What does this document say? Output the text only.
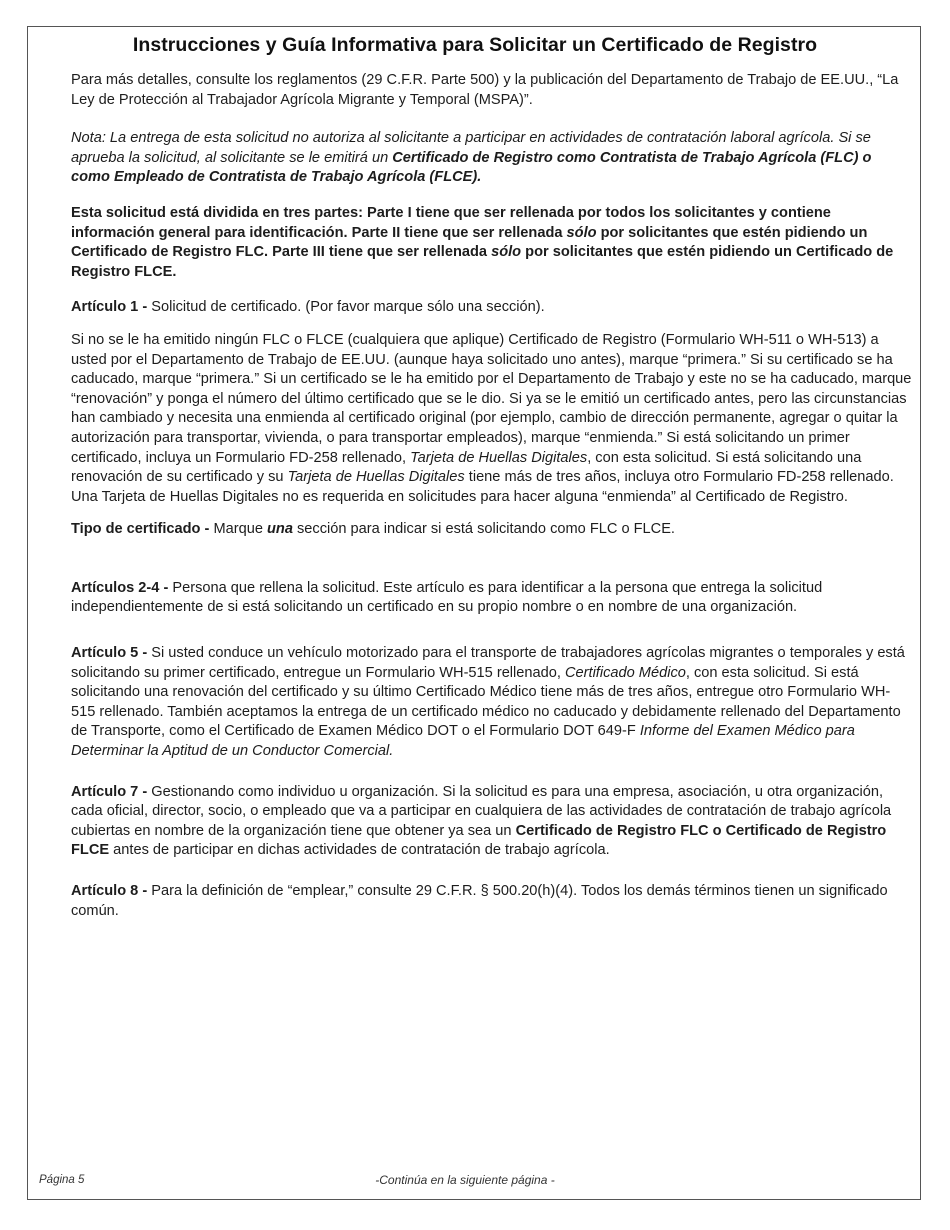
Instrucciones y Guía Informativa para Solicitar un Certificado de Registro

Para más detalles, consulte los reglamentos (29 C.F.R. Parte 500) y la publicación del Departamento de Trabajo de EE.UU., “La Ley de Protección al Trabajador Agrícola Migrante y Temporal (MSPA)”.

Nota: La entrega de esta solicitud no autoriza al solicitante a participar en actividades de contratación laboral agrícola. Si se aprueba la solicitud, al solicitante se le emitirá un Certificado de Registro como Contratista de Trabajo Agrícola (FLC) o como Empleado de Contratista de Trabajo Agrícola (FLCE).

Esta solicitud está dividida en tres partes: Parte I tiene que ser rellenada por todos los solicitantes y contiene información general para identificación. Parte II tiene que ser rellenada sólo por solicitantes que estén pidiendo un Certificado de Registro FLC. Parte III tiene que ser rellenada sólo por solicitantes que estén pidiendo un Certificado de Registro FLCE.

Artículo 1 - Solicitud de certificado. (Por favor marque sólo una sección).

Si no se le ha emitido ningún FLC o FLCE (cualquiera que aplique) Certificado de Registro (Formulario WH-511 o WH-513) a usted por el Departamento de Trabajo de EE.UU. (aunque haya solicitado uno antes), marque “primera.” Si su certificado se ha caducado, marque “primera.” Si un certificado se le ha emitido por el Departamento de Trabajo y este no se ha caducado, marque “renovación” y ponga el número del último certificado que se le dio. Si ya se le emitió un certificado antes, pero las circunstancias han cambiado y necesita una enmienda al certificado original (por ejemplo, cambio de dirección permanente, agregar o quitar la autorización para transportar, vivienda, o para transportar empleados), marque “enmienda.” Si está solicitando un primer certificado, incluya un Formulario FD-258 rellenado, Tarjeta de Huellas Digitales, con esta solicitud. Si está solicitando una renovación de su certificado y su Tarjeta de Huellas Digitales tiene más de tres años, incluya otro Formulario FD-258 rellenado. Una Tarjeta de Huellas Digitales no es requerida en solicitudes para hacer alguna “enmienda” al Certificado de Registro.

Tipo de certificado - Marque una sección para indicar si está solicitando como FLC o FLCE.

Artículos 2-4 - Persona que rellena la solicitud. Este artículo es para identificar a la persona que entrega la solicitud independientemente de si está solicitando un certificado en su propio nombre o en nombre de una organización.

Artículo 5 - Si usted conduce un vehículo motorizado para el transporte de trabajadores agrícolas migrantes o temporales y está solicitando su primer certificado, entregue un Formulario WH-515 rellenado, Certificado Médico, con esta solicitud. Si está solicitando una renovación del certificado y su último Certificado Médico tiene más de tres años, entregue otro Formulario WH-515 rellenado. También aceptamos la entrega de un certificado médico no caducado y debidamente rellenado del Departamento de Transporte, como el Certificado de Examen Médico DOT o el Formulario DOT 649-F Informe del Examen Médico para Determinar la Aptitud de un Conductor Comercial.

Artículo 7 - Gestionando como individuo u organización. Si la solicitud es para una empresa, asociación, u otra organización, cada oficial, director, socio, o empleado que va a participar en cualquiera de las actividades de contratación de trabajo agrícola cubiertas en nombre de la organización tiene que obtener ya sea un Certificado de Registro FLC o Certificado de Registro FLCE antes de participar en dichas actividades de contratación de trabajo agrícola.

Artículo 8 - Para la definición de “emplear,” consulte 29 C.F.R. § 500.20(h)(4). Todos los demás términos tienen un significado común.

Página 5	-Continúa en la siguiente página -
